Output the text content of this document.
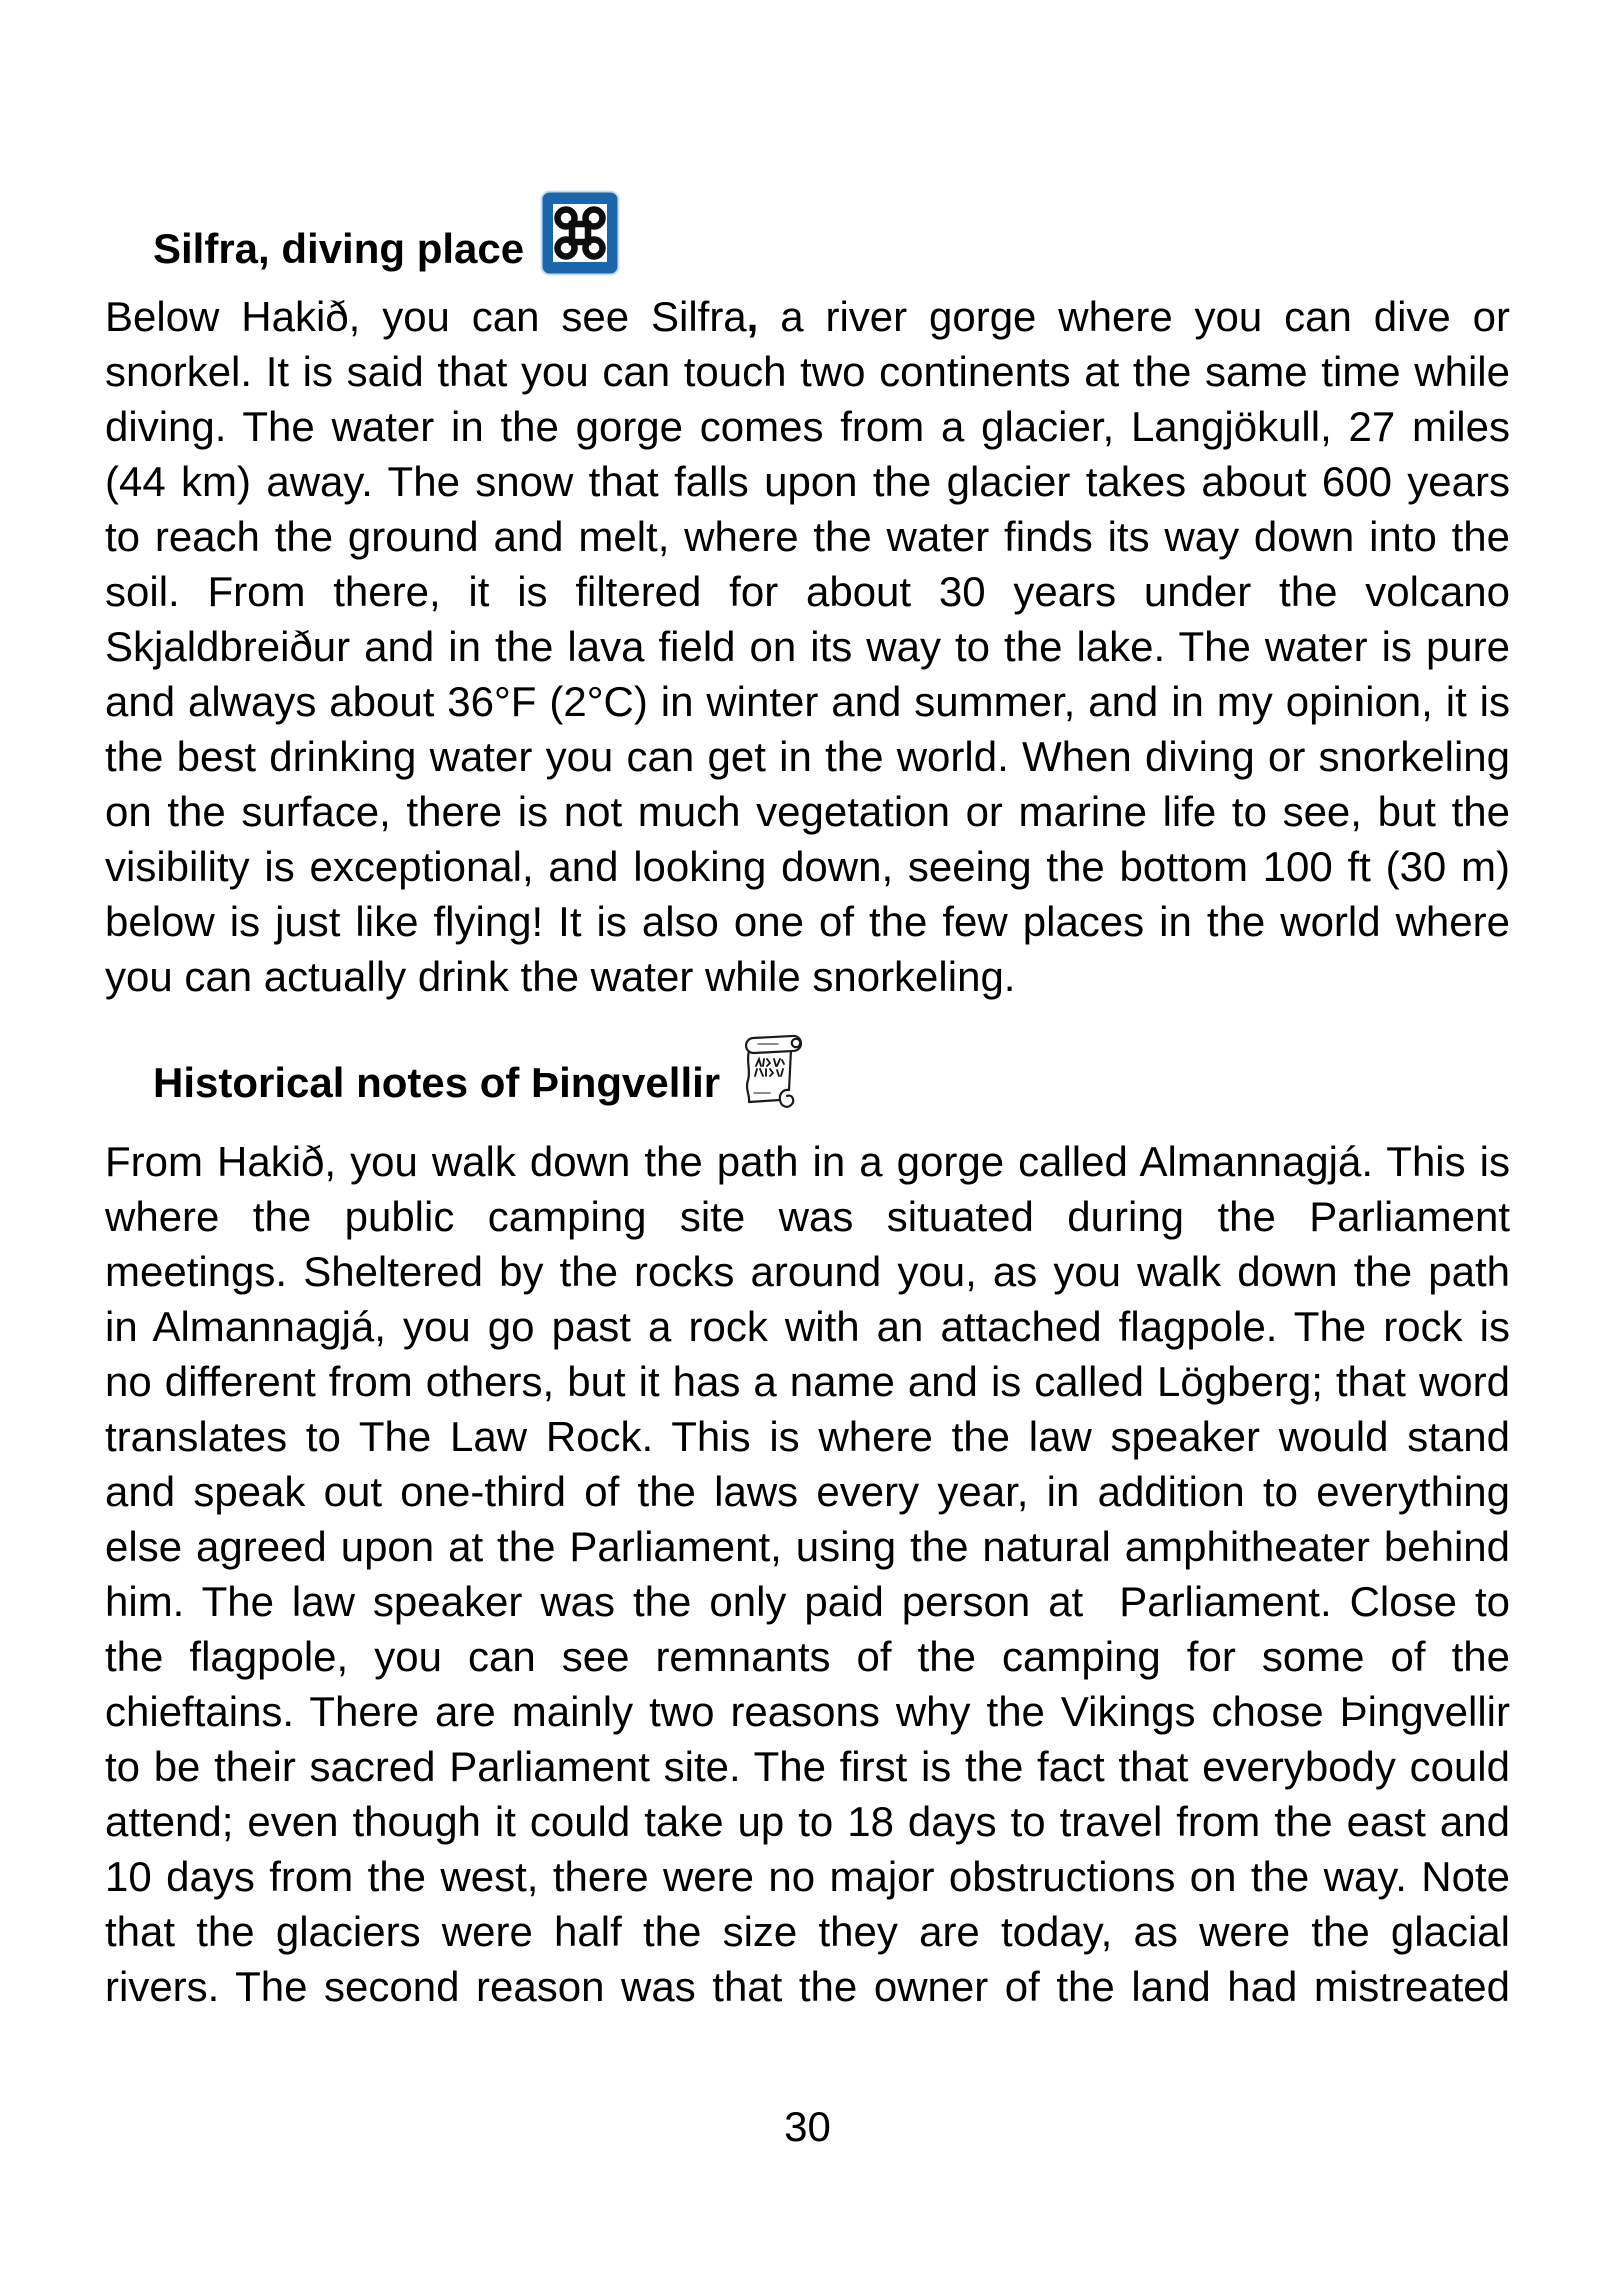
Silfra, diving place
Below Hakið, you can see Silfra, a river gorge where you can dive or
snorkel. It is said that you can touch two continents at the same time while
diving. The water in the gorge comes from a glacier, Langjökull, 27 miles
(44 km) away. The snow that falls upon the glacier takes about 600 years
to reach the ground and melt, where the water finds its way down into the
soil. From there, it is filtered for about 30 years under the volcano
Skjaldbreiður and in the lava field on its way to the lake. The water is pure
and always about 36°F (2°C) in winter and summer, and in my opinion, it is
the best drinking water you can get in the world. When diving or snorkeling
on the surface, there is not much vegetation or marine life to see, but the
visibility is exceptional, and looking down, seeing the bottom 100 ft (30 m)
below is just like flying! It is also one of the few places in the world where
you can actually drink the water while snorkeling.
Historical notes of Þingvellir
From Hakið, you walk down the path in a gorge called Almannagjá. This is
where the public camping site was situated during the Parliament
meetings. Sheltered by the rocks around you, as you walk down the path
in Almannagjá, you go past a rock with an attached flagpole. The rock is
no different from others, but it has a name and is called Lögberg; that word
translates to The Law Rock. This is where the law speaker would stand
and speak out one-third of the laws every year, in addition to everything
else agreed upon at the Parliament, using the natural amphitheater behind
him. The law speaker was the only paid person at  Parliament. Close to
the flagpole, you can see remnants of the camping for some of the
chieftains. There are mainly two reasons why the Vikings chose Þingvellir
to be their sacred Parliament site. The first is the fact that everybody could
attend; even though it could take up to 18 days to travel from the east and
10 days from the west, there were no major obstructions on the way. Note
that the glaciers were half the size they are today, as were the glacial
rivers. The second reason was that the owner of the land had mistreated
30
